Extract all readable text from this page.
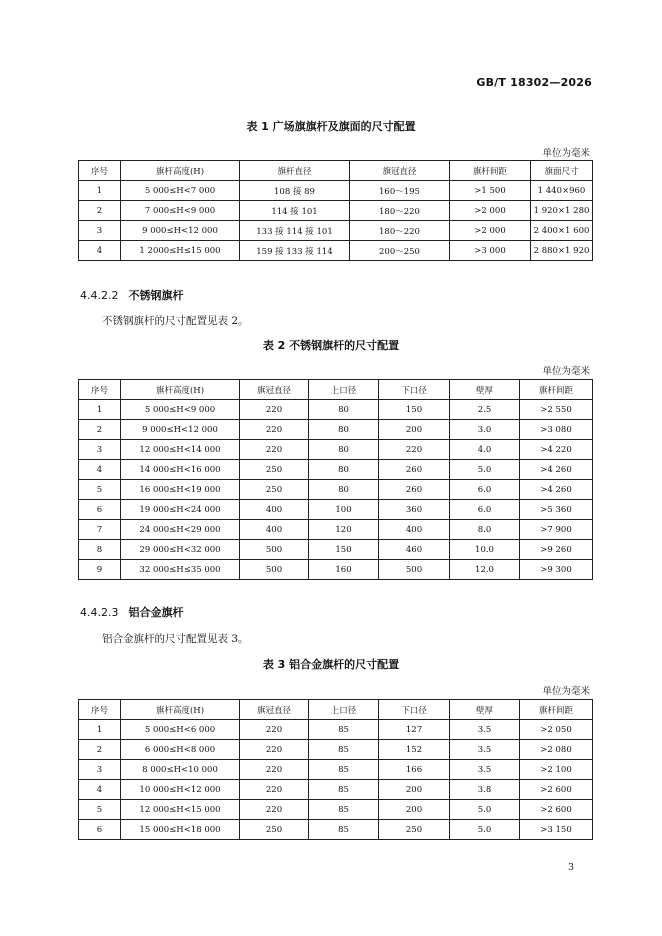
GB/T 18302—2026
表 1 广场旗旗杆及旗面的尺寸配置
单位为毫米
序号	旗杆高度(H)	旗杆直径	旗冠直径	旗杆间距	旗面尺寸
1	5 000≤H<7 000	108 接 89	160～195	>1 500	1 440×960
2	7 000≤H<9 000	114 接 101	180～220	>2 000	1 920×1 280
3	9 000≤H<12 000	133 接 114 接 101	180～220	>2 000	2 400×1 600
4	1 2000≤H≤15 000	159 接 133 接 114	200～250	>3 000	2 880×1 920
4.4.2.2 不锈钢旗杆
不锈钢旗杆的尺寸配置见表 2。
表 2 不锈钢旗杆的尺寸配置
单位为毫米
序号	旗杆高度(H)	旗冠直径	上口径	下口径	壁厚	旗杆间距
1	5 000≤H<9 000	220	80	150	2.5	>2 550
2	9 000≤H<12 000	220	80	200	3.0	>3 080
3	12 000≤H<14 000	220	80	220	4.0	>4 220
4	14 000≤H<16 000	250	80	260	5.0	>4 260
5	16 000≤H<19 000	250	80	260	6.0	>4 260
6	19 000≤H<24 000	400	100	360	6.0	>5 360
7	24 000≤H<29 000	400	120	400	8.0	>7 900
8	29 000≤H<32 000	500	150	460	10.0	>9 260
9	32 000≤H≤35 000	500	160	500	12.0	>9 300
4.4.2.3 铝合金旗杆
铝合金旗杆的尺寸配置见表 3。
表 3 铝合金旗杆的尺寸配置
单位为毫米
序号	旗杆高度(H)	旗冠直径	上口径	下口径	壁厚	旗杆间距
1	5 000≤H<6 000	220	85	127	3.5	>2 050
2	6 000≤H<8 000	220	85	152	3.5	>2 080
3	8 000≤H<10 000	220	85	166	3.5	>2 100
4	10 000≤H<12 000	220	85	200	3.8	>2 600
5	12 000≤H<15 000	220	85	200	5.0	>2 600
6	15 000≤H<18 000	250	85	250	5.0	>3 150
3
